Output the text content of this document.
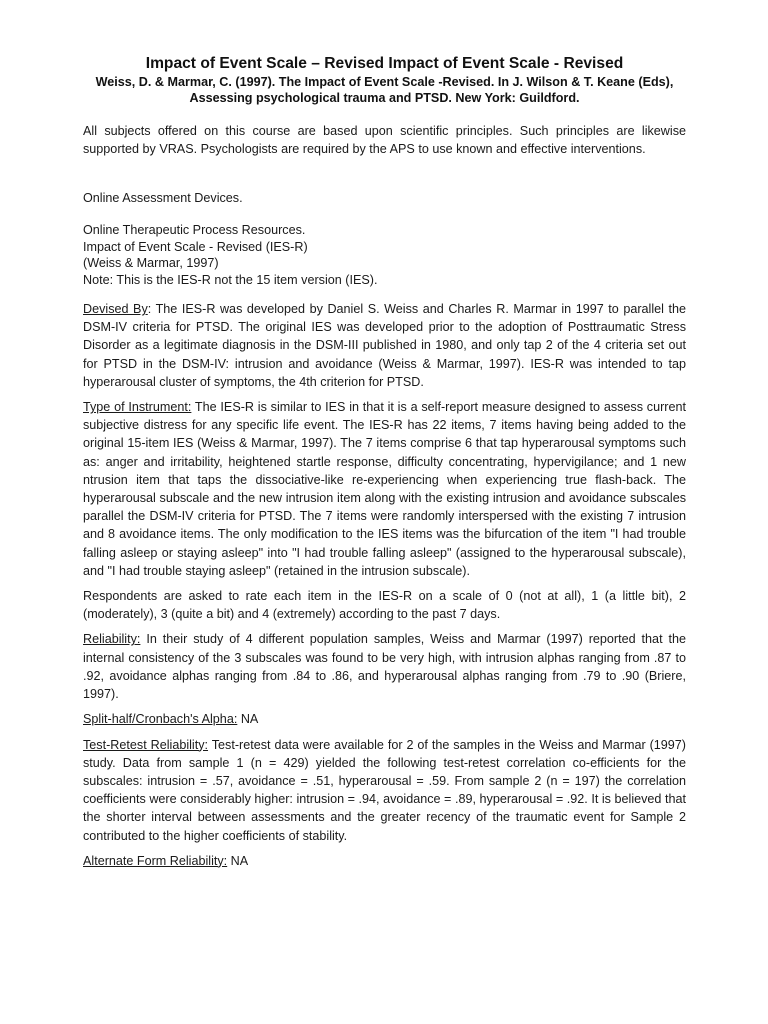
Impact of Event Scale – Revised Impact of Event Scale - Revised

Weiss, D. & Marmar, C. (1997). The Impact of Event Scale -Revised. In J. Wilson & T. Keane (Eds), Assessing psychological trauma and PTSD. New York: Guildford.

All subjects offered on this course are based upon scientific principles. Such principles are likewise supported by VRAS. Psychologists are required by the APS to use known and effective interventions.

Online Assessment Devices.

Online Therapeutic Process Resources.

Impact of Event Scale - Revised (IES-R)

(Weiss & Marmar, 1997)

Note: This is the IES-R not the 15 item version (IES).

Devised By: The IES-R was developed by Daniel S. Weiss and Charles R. Marmar in 1997 to parallel the DSM-IV criteria for PTSD. The original IES was developed prior to the adoption of Posttraumatic Stress Disorder as a legitimate diagnosis in the DSM-III published in 1980, and only tap 2 of the 4 criteria set out for PTSD in the DSM-IV: intrusion and avoidance (Weiss & Marmar, 1997). IES-R was intended to tap hyperarousal cluster of symptoms, the 4th criterion for PTSD.

Type of Instrument: The IES-R is similar to IES in that it is a self-report measure designed to assess current subjective distress for any specific life event. The IES-R has 22 items, 7 items having being added to the original 15-item IES (Weiss & Marmar, 1997). The 7 items comprise 6 that tap hyperarousal symptoms such as: anger and irritability, heightened startle response, difficulty concentrating, hypervigilance; and 1 new ntrusion item that taps the dissociative-like re-experiencing when experiencing true flash-back. The hyperarousal subscale and the new intrusion item along with the existing intrusion and avoidance subscales parallel the DSM-IV criteria for PTSD. The 7 items were randomly interspersed with the existing 7 intrusion and 8 avoidance items. The only modification to the IES items was the bifurcation of the item "I had trouble falling asleep or staying asleep" into "I had trouble falling asleep" (assigned to the hyperarousal subscale), and "I had trouble staying asleep" (retained in the intrusion subscale).

Respondents are asked to rate each item in the IES-R on a scale of 0 (not at all), 1 (a little bit), 2 (moderately), 3 (quite a bit) and 4 (extremely) according to the past 7 days.

Reliability: In their study of 4 different population samples, Weiss and Marmar (1997) reported that the internal consistency of the 3 subscales was found to be very high, with intrusion alphas ranging from .87 to .92, avoidance alphas ranging from .84 to .86, and hyperarousal alphas ranging from .79 to .90 (Briere, 1997).

Split-half/Cronbach's Alpha: NA

Test-Retest Reliability: Test-retest data were available for 2 of the samples in the Weiss and Marmar (1997) study. Data from sample 1 (n = 429) yielded the following test-retest correlation co-efficients for the subscales: intrusion = .57, avoidance = .51, hyperarousal = .59. From sample 2 (n = 197) the correlation coefficients were considerably higher: intrusion = .94, avoidance = .89, hyperarousal = .92. It is believed that the shorter interval between assessments and the greater recency of the traumatic event for Sample 2 contributed to the higher coefficients of stability.

Alternate Form Reliability: NA
